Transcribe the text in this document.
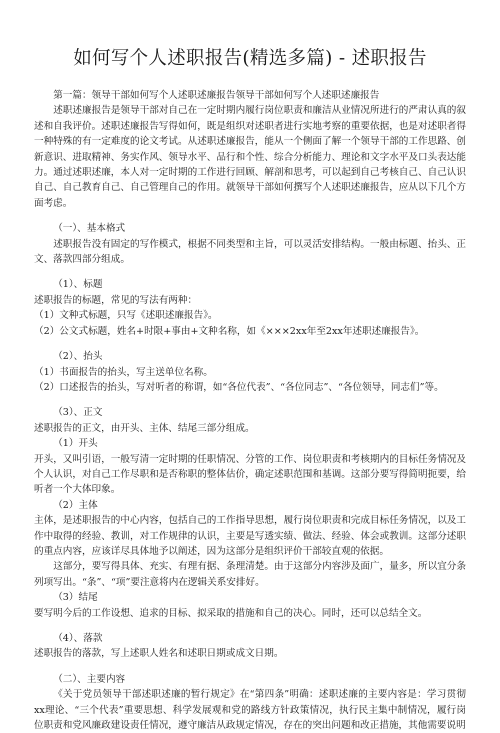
如何写个人述职报告(精选多篇) - 述职报告

第一篇：领导干部如何写个人述职述廉报告领导干部如何写个人述职述廉报告

述职述廉报告是领导干部对自己在一定时期内履行岗位职责和廉洁从业情况所进行的严肃认真的叙述和自我评价。述职述廉报告写得如何，既是组织对述职者进行实地考察的重要依据，也是对述职者得一种特殊的有一定难度的论文考试。从述职述廉报告，能从一个侧面了解一个领导干部的工作思路、创新意识、进取精神、务实作风、领导水平、品行和个性、综合分析能力、理论和文字水平及口头表达能力。通过述职述廉，本人对一定时期的工作进行回顾、解剖和思考，可以起到自己考核自己、自己认识自己、自己教育自己、自己管理自己的作用。就领导干部如何撰写个人述职述廉报告，应从以下几个方面考虑。

（一）、基本格式

述职报告没有固定的写作模式，根据不同类型和主旨，可以灵活安排结构。一般由标题、抬头、正文、落款四部分组成。

（1）、标题

述职报告的标题，常见的写法有两种：

（1）文种式标题，只写《述职述廉报告》。

（2）公文式标题，姓名+时限+事由+文种名称，如《×××2xx年至2xx年述职述廉报告》。

（2）、抬头

（1）书面报告的抬头，写主送单位名称。

（2）口述报告的抬头，写对听者的称谓，如“各位代表”、“各位同志”、“各位领导，同志们”等。

（3）、正文

述职报告的正文，由开头、主体、结尾三部分组成。

（1）开头

开头，又叫引语，一般写清一定时期的任职情况、分管的工作、岗位职责和考核期内的目标任务情况及个人认识，对自己工作尽职和是否称职的整体估价，确定述职范围和基调。这部分要写得简明扼要，给听者一个大体印象。

（2）主体

主体，是述职报告的中心内容，包括自己的工作指导思想，履行岗位职责和完成目标任务情况，以及工作中取得的经验、教训，对工作规律的认识，主要是写透实绩、做法、经验、体会或教训。这部分述职的重点内容，应该详尽具体地予以阐述，因为这部分是组织评价干部较直观的依据。

这部分，要写得具体、充实、有理有据、条理清楚。由于这部分内容涉及面广，量多，所以宜分条列项写出。“条”、“项”要注意将内在逻辑关系安排好。

（3）结尾

要写明今后的工作设想、追求的目标、拟采取的措施和自己的决心。同时，还可以总结全文。

（4）、落款

述职报告的落款，写上述职人姓名和述职日期或成文日期。

（二）、主要内容

《关于党员领导干部述职述廉的暂行规定》在“第四条”明确：述职述廉的主要内容是：学习贯彻xx理论、“三个代表”重要思想、科学发展观和党的路线方针政策情况，执行民主集中制情况，履行岗位职责和党风廉政建设责任情况，遵守廉洁从政规定情况，存在的突出问题和改正措施，其他需要说明
